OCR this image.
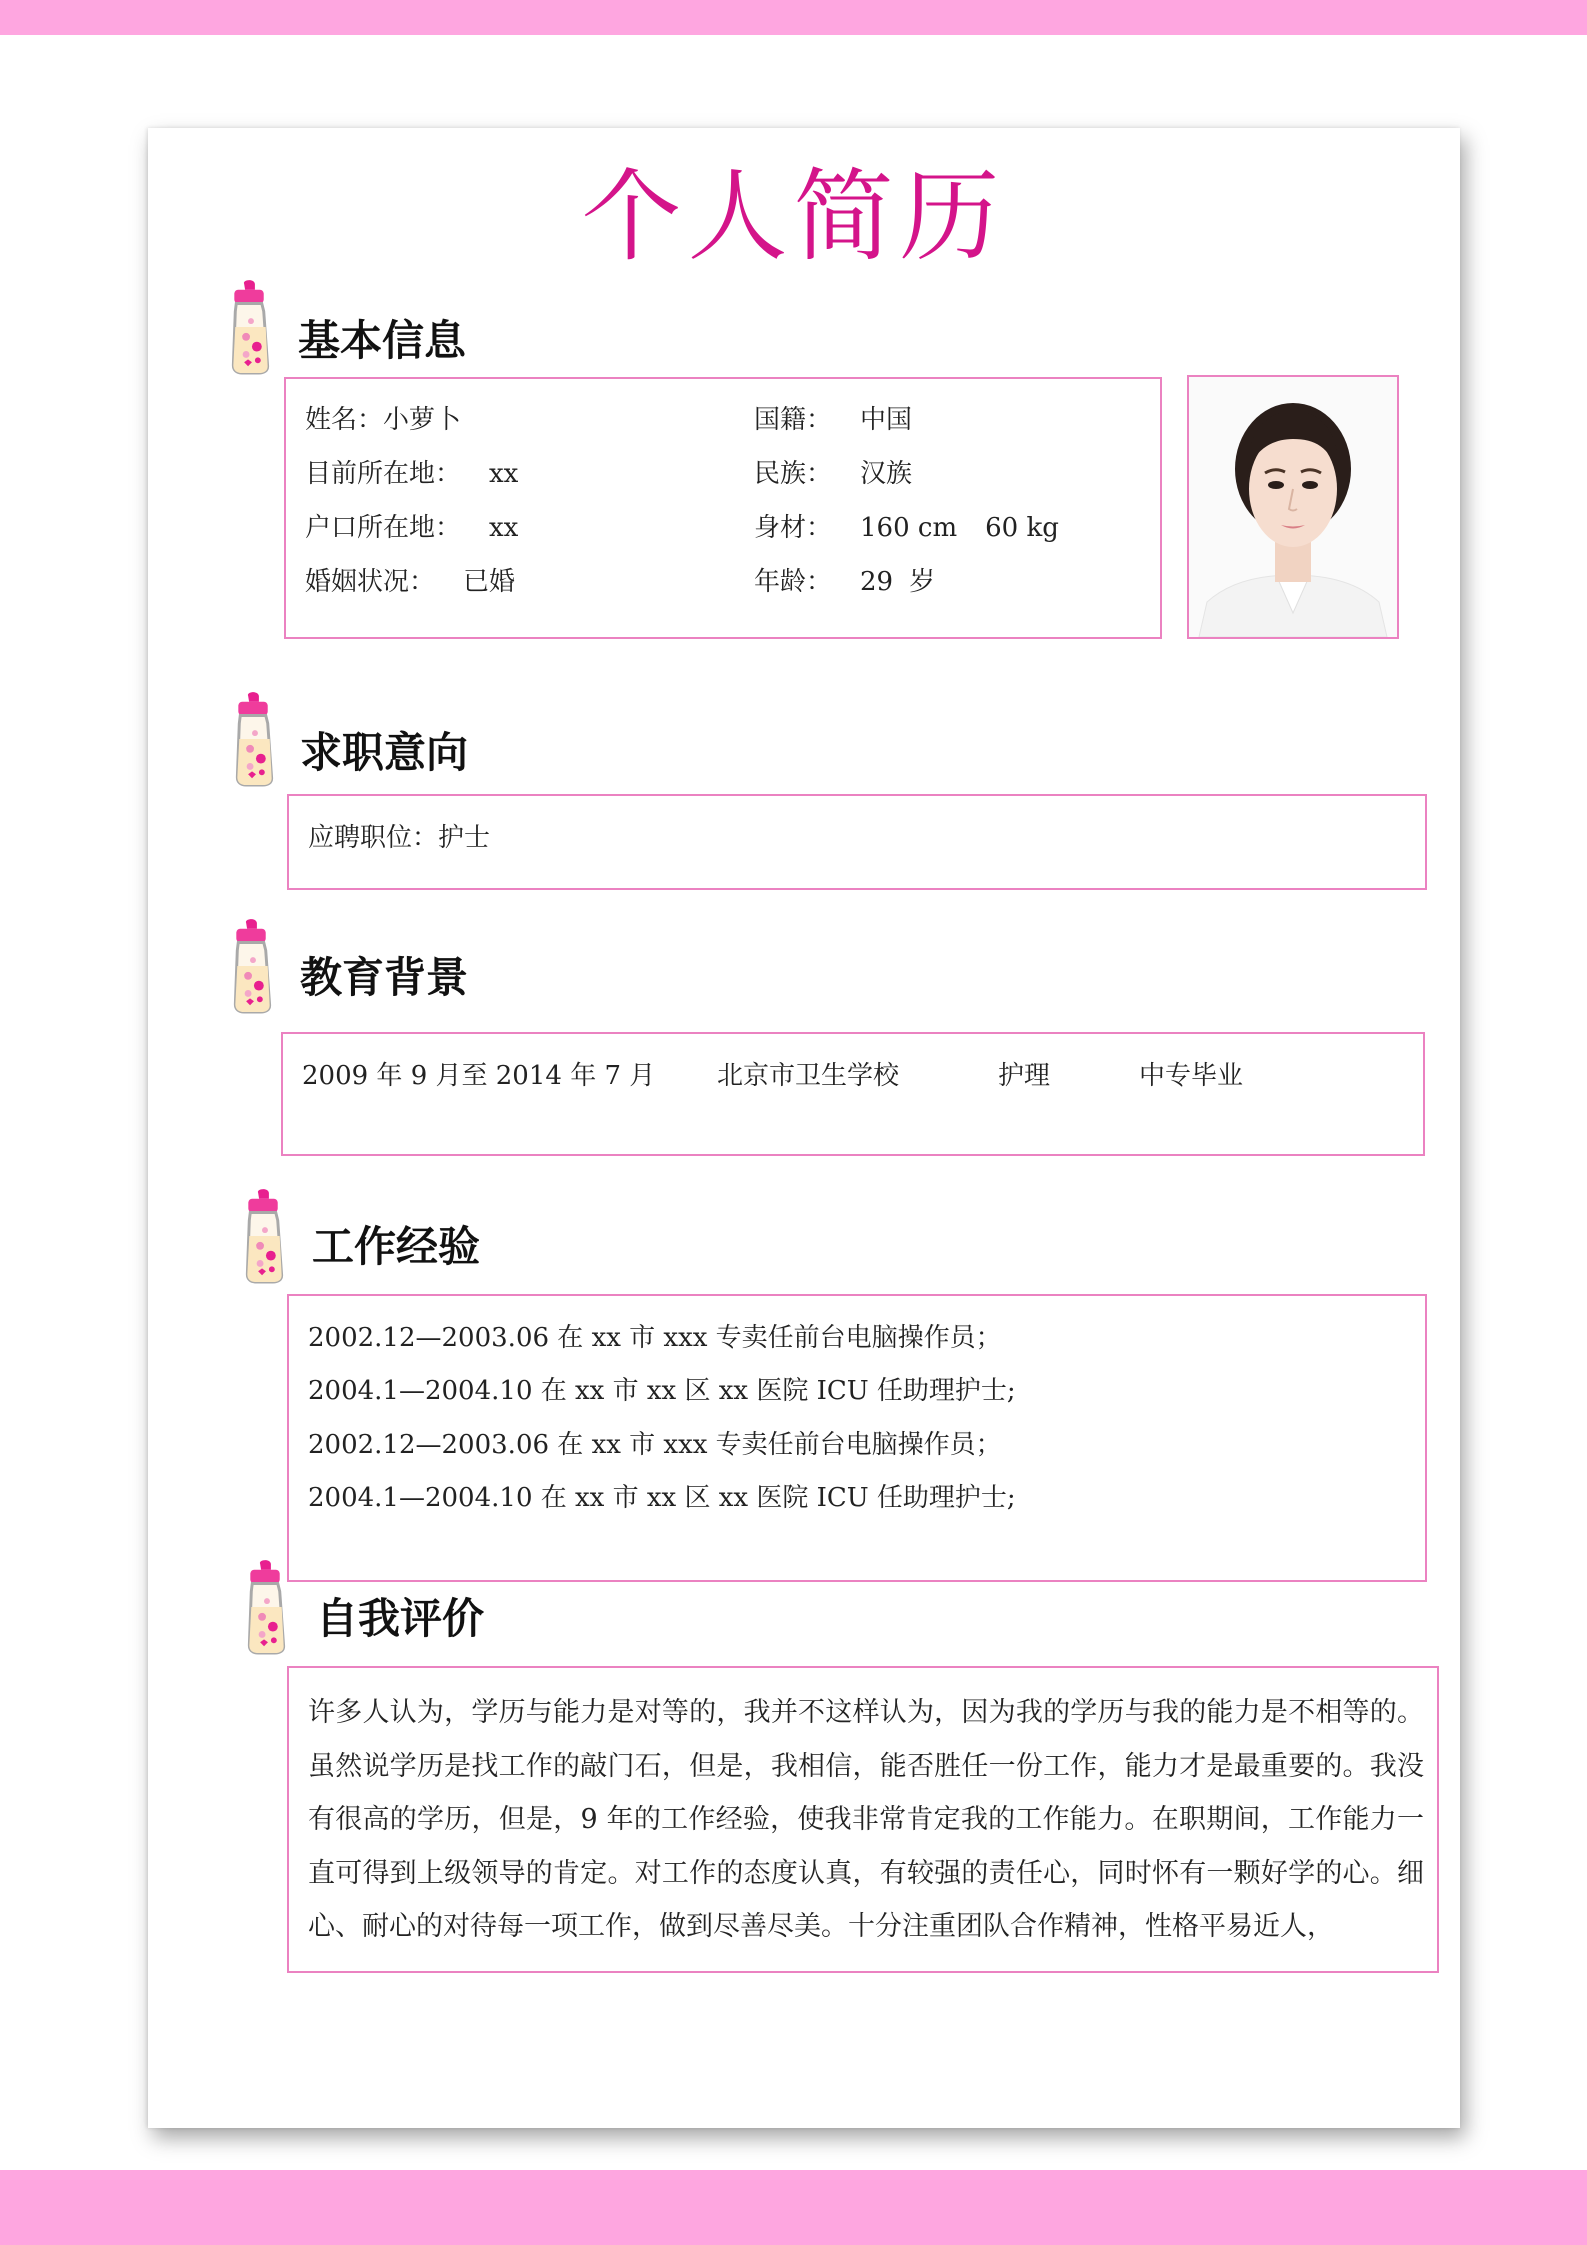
个人简历
基本信息
姓名：小萝卜
目前所在地： xx
户口所在地： xx
婚姻状况： 已婚
国籍： 中国
民族： 汉族
身材： 160 cm 60 kg
年龄： 29 岁
求职意向
应聘职位：护士
教育背景
2009 年 9 月至 2014 年 7 月 北京市卫生学校	护理	中专毕业
工作经验
2002.12—2003.06 在 xx 市 xxx 专卖任前台电脑操作员；
2004.1—2004.10 在 xx 市 xx 区 xx 医院 ICU 任助理护士;
2002.12—2003.06 在 xx 市 xxx 专卖任前台电脑操作员；
2004.1—2004.10 在 xx 市 xx 区 xx 医院 ICU 任助理护士;
自我评价
许多人认为，学历与能力是对等的，我并不这样认为，因为我的学历与我的能力是不相等的。虽然说学历是找工作的敲门石，但是，我相信，能否胜任一份工作，能力才是最重要的。我没有很高的学历，但是，9 年的工作经验，使我非常肯定我的工作能力。在职期间，工作能力一直可得到上级领导的肯定。对工作的态度认真，有较强的责任心，同时怀有一颗好学的心。细心、耐心的对待每一项工作，做到尽善尽美。十分注重团队合作精神，性格平易近人，
